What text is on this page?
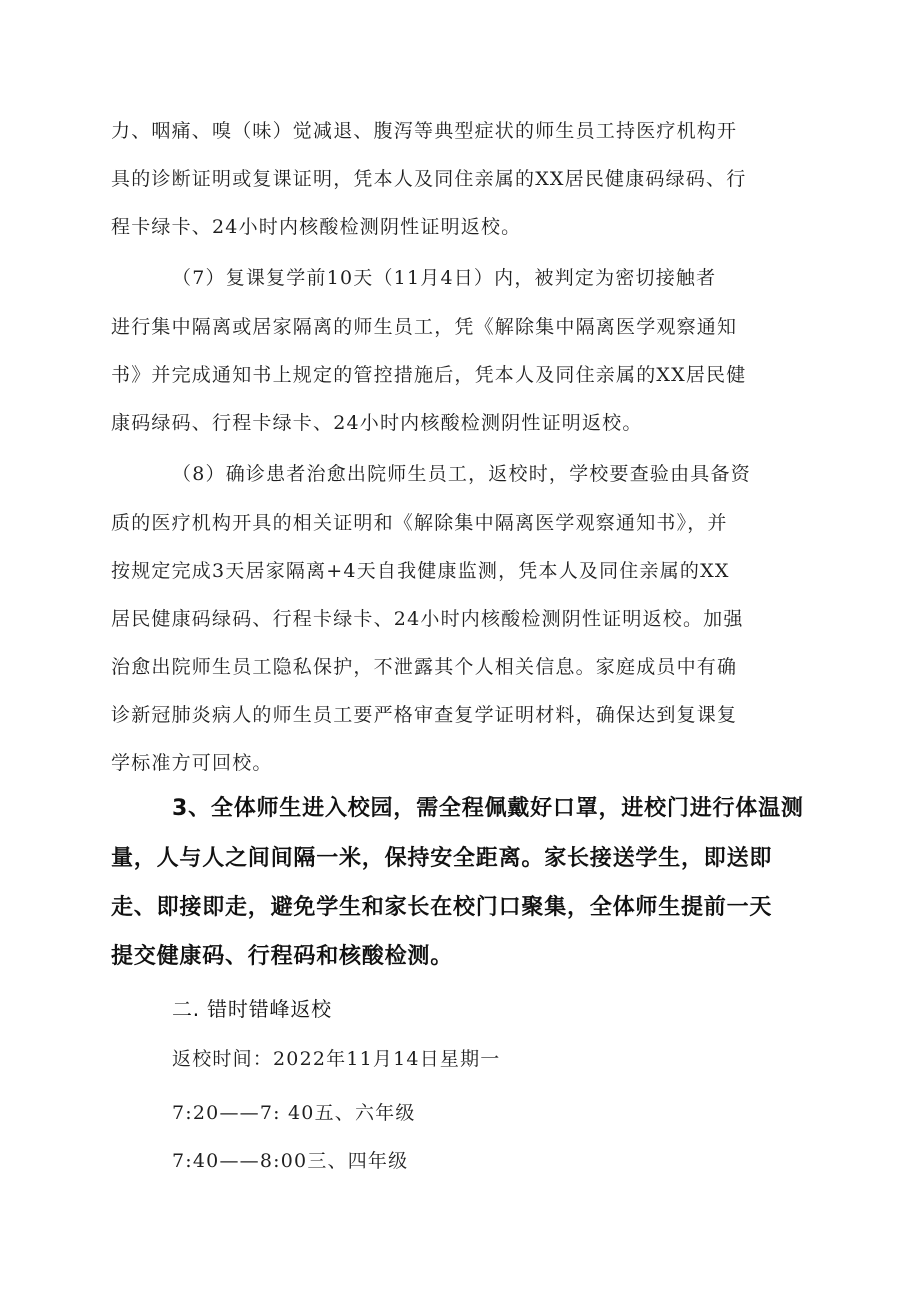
力、咽痛、嗅（味）觉减退、腹泻等典型症状的师生员工持医疗机构开
具的诊断证明或复课证明，凭本人及同住亲属的XX居民健康码绿码、行
程卡绿卡、24小时内核酸检测阴性证明返校。
（7）复课复学前10天（11月4日）内，被判定为密切接触者
进行集中隔离或居家隔离的师生员工，凭《解除集中隔离医学观察通知
书》并完成通知书上规定的管控措施后，凭本人及同住亲属的XX居民健
康码绿码、行程卡绿卡、24小时内核酸检测阴性证明返校。
（8）确诊患者治愈出院师生员工，返校时，学校要查验由具备资
质的医疗机构开具的相关证明和《解除集中隔离医学观察通知书》，并
按规定完成3天居家隔离+4天自我健康监测，凭本人及同住亲属的XX
居民健康码绿码、行程卡绿卡、24小时内核酸检测阴性证明返校。加强
治愈出院师生员工隐私保护，不泄露其个人相关信息。家庭成员中有确
诊新冠肺炎病人的师生员工要严格审查复学证明材料，确保达到复课复
学标准方可回校。
3、全体师生进入校园，需全程佩戴好口罩，进校门进行体温测
量，人与人之间间隔一米，保持安全距离。家长接送学生，即送即
走、即接即走，避免学生和家长在校门口聚集，全体师生提前一天
提交健康码、行程码和核酸检测。
二. 错时错峰返校
返校时间：2022年11月14日星期一
7:20——7: 40五、六年级
7:40——8:00三、四年级
